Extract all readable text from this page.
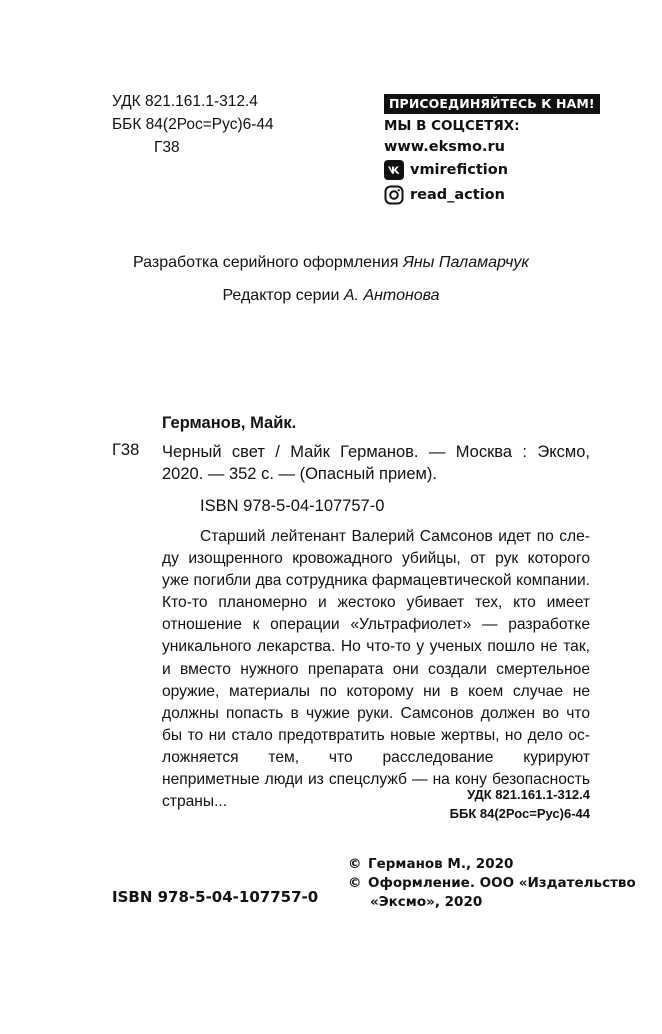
УДК 821.161.1-312.4
ББК 84(2Рос=Рус)6-44
Г38
ПРИСОЕДИНЯЙТЕСЬ К НАМ!
МЫ В СОЦСЕТЯХ:
www.eksmo.ru
vmirefiction
read_action
Разработка серийного оформления Яны Паламарчук
Редактор серии А. Антонова
Германов, Майк.
Г38 Черный свет / Майк Германов. — Москва : Эксмо,
2020. — 352 с. — (Опасный прием).
ISBN 978-5-04-107757-0
Старший лейтенант Валерий Самсонов идет по следу изощренного кровожадного убийцы, от рук которого уже погибли два сотрудника фармацевтической компании. Кто-то планомерно и жестоко убивает тех, кто имеет отношение к операции «Ультрафиолет» — разработке уникального лекарства. Но что-то у ученых пошло не так, и вместо нужного препарата они создали смертельное оружие, материалы по которому ни в коем случае не должны попасть в чужие руки. Самсонов должен во что бы то ни стало предотвратить новые жертвы, но дело осложняется тем, что расследование курируют неприметные люди из спецслужб — на кону безопасность страны...	УДК 821.161.1-312.4
ББК 84(2Рос=Рус)6-44
© Германов М., 2020
© Оформление. ООО «Издательство
«Эксмо», 2020
ISBN 978-5-04-107757-0
